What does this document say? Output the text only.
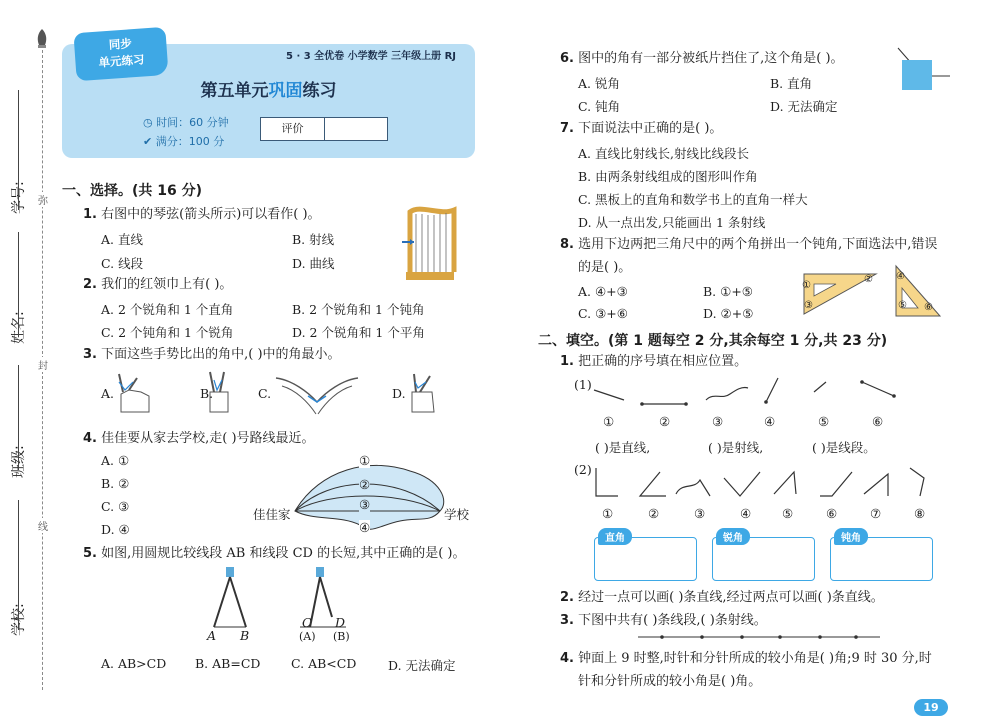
学号:
姓名:
班级:
学校:
弥
封
线
同步
单元练习	5 · 3 全优卷 小学数学 三年级上册 RJ
第五单元巩固练习
◷ 时间：60 分钟
✔ 满分：100 分
评价
一、选择。(共 16 分)
1. 右图中的琴弦(箭头所示)可以看作( )。
A. 直线	B. 射线
C. 线段	D. 曲线
2. 我们的红领巾上有( )。
A. 2 个锐角和 1 个直角	B. 2 个锐角和 1 个钝角
C. 2 个钝角和 1 个锐角	D. 2 个锐角和 1 个平角
3. 下面这些手势比出的角中,( )中的角最小。
A.	B.	C.	D.
4. 佳佳要从家去学校,走( )号路线最近。
A. ①
B. ②
C. ③
D. ④
①
②
③
④
佳佳家	学校
5. 如图,用圆规比较线段 AB 和线段 CD 的长短,其中正确的是( )。
A B
C D
(A) (B)
A. AB>CD B. AB=CD C. AB<CD	D. 无法确定
6. 图中的角有一部分被纸片挡住了,这个角是( )。
A. 锐角	B. 直角
C. 钝角	D. 无法确定
7. 下面说法中正确的是( )。
A. 直线比射线长,射线比线段长
B. 由两条射线组成的图形叫作角
C. 黑板上的直角和数学书上的直角一样大
D. 从一点出发,只能画出 1 条射线
8. 选用下边两把三角尺中的两个角拼出一个钝角,下面选法中,错误
的是( )。
A. ④+③	B. ①+⑤
C. ③+⑥	D. ②+⑤
①
②
③
④
⑤ ⑥
二、填空。(第 1 题每空 2 分,其余每空 1 分,共 23 分)
1. 把正确的序号填在相应位置。
(1)
①	②	③	④	⑤	⑥
( )是直线,	( )是射线,	( )是线段。
(2)
①	②	③	④ ⑤	⑥	⑦	⑧
直角	锐角	钝角
2. 经过一点可以画( )条直线,经过两点可以画( )条直线。
3. 下图中共有( )条线段,( )条射线。
4. 钟面上 9 时整,时针和分针所成的较小角是( )角;9 时 30 分,时
针和分针所成的较小角是( )角。
19
